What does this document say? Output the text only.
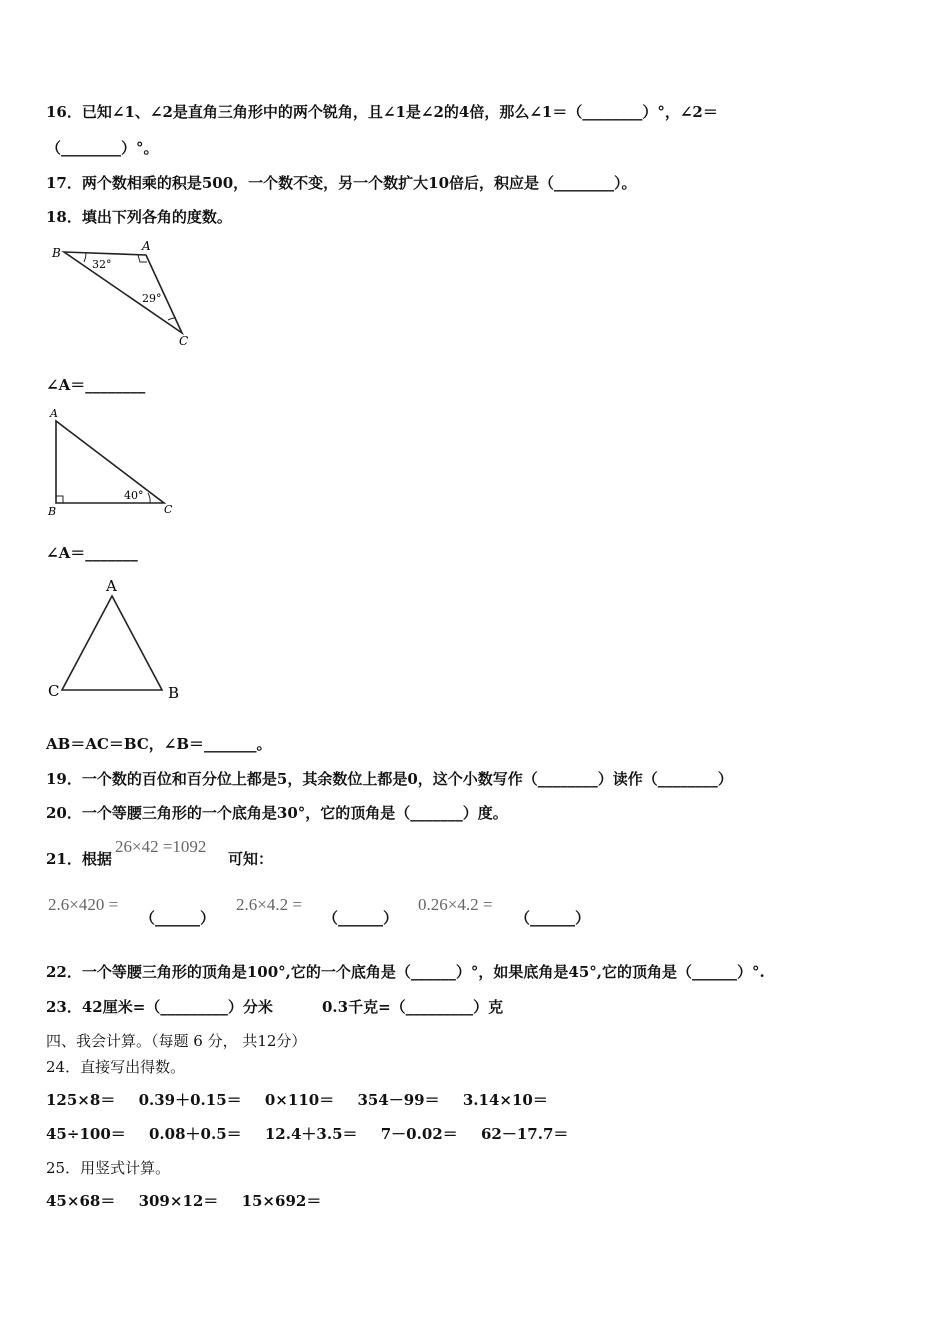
16．已知∠1、∠2是直角三角形中的两个锐角，且∠1是∠2的4倍，那么∠1＝（________）°，∠2＝
（________）°。
17．两个数相乘的积是500，一个数不变，另一个数扩大10倍后，积应是（________）。
18．填出下列各角的度数。
B	A
C
32°
29°
∠A＝________
A
B	C
40°
∠A＝_______
A
C	B
AB＝AC＝BC，∠B＝_______。
19．一个数的百位和百分位上都是5，其余数位上都是0，这个小数写作（________）读作（________）
20．一个等腰三角形的一个底角是30°，它的顶角是（_______）度。
21．根据
26×42 =1092
可知：
2.6×420 =
（______）
2.6×4.2 =
（______）
0.26×4.2 =
（______）
22．一个等腰三角形的顶角是100°,它的一个底角是（______）°，如果底角是45°,它的顶角是（______）°.
23．42厘米=（_________）分米	0.3千克=（_________）克
四、我会计算。（每题 6 分， 共12分）
24．直接写出得数。
125×8＝ 0.39＋0.15＝ 0×110＝ 354－99＝ 3.14×10＝
45÷100＝ 0.08＋0.5＝ 12.4＋3.5＝ 7－0.02＝ 62－17.7＝
25．用竖式计算。
45×68＝ 309×12＝ 15×692＝
